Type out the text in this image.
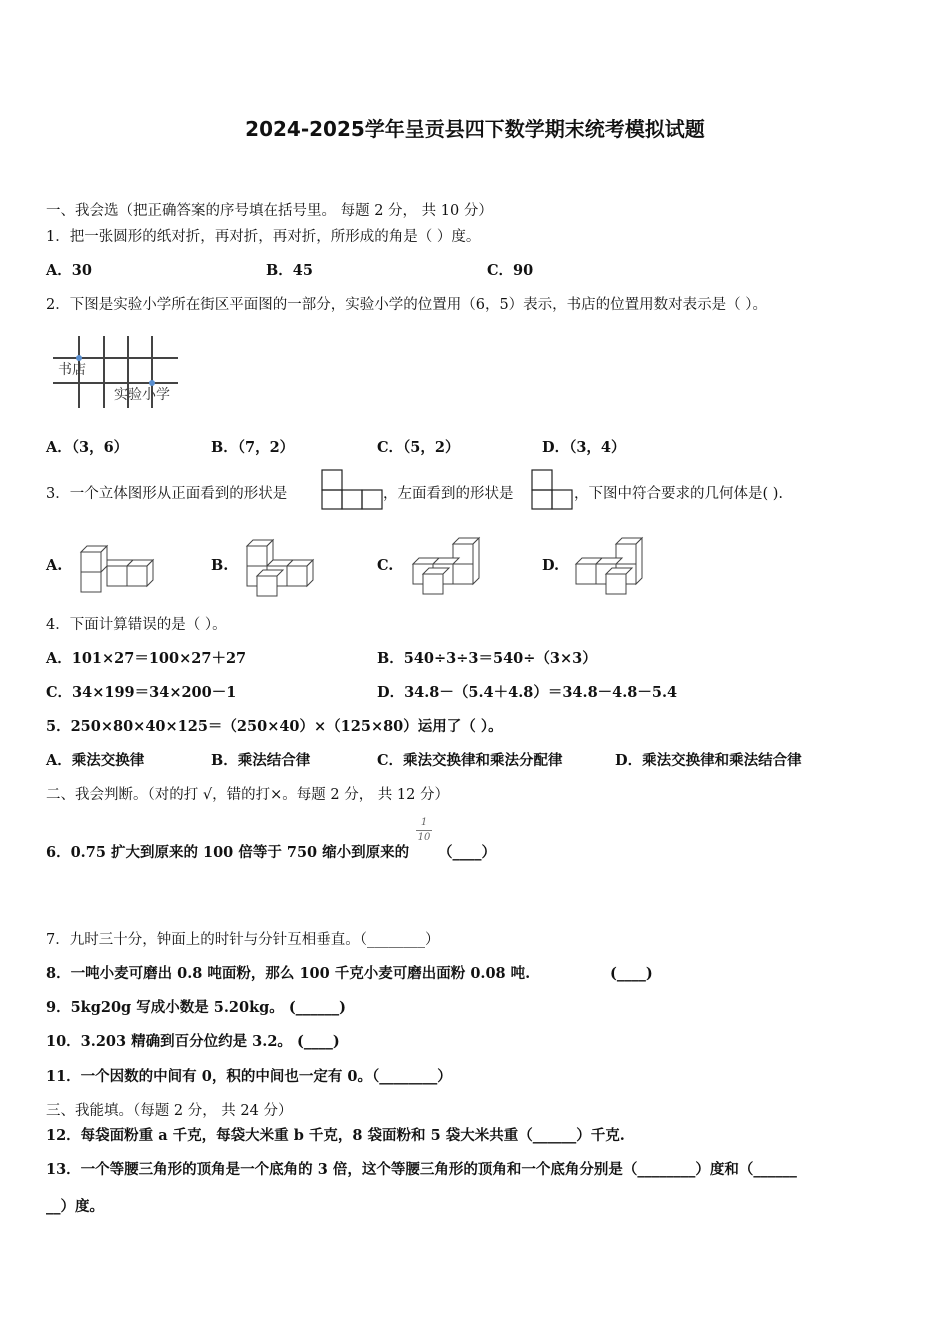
2024-2025学年呈贡县四下数学期末统考模拟试题
一、我会选（把正确答案的序号填在括号里。 每题 2 分， 共 10 分）
1．把一张圆形的纸对折，再对折，再对折，所形成的角是（ ）度。
A．30	B．45	C．90
2．下图是实验小学所在街区平面图的一部分，实验小学的位置用（6，5）表示，书店的位置用数对表示是（ ）。
书店
实验小学
A．（3，6）	B．（7，2）	C．（5，2）	D．（3，4）
3．一个立体图形从正面看到的形状是	，左面看到的形状是	，下图中符合要求的几何体是( ).
A.	B.	C.	D.
4．下面计算错误的是（ ）。
A．101×27＝100×27＋27	B．540÷3÷3＝540÷（3×3）
C．34×199＝34×200－1	D．34.8－（5.4＋4.8）＝34.8－4.8－5.4
5．250×80×40×125＝（250×40）×（125×80）运用了（ ）。
A．乘法交换律	B．乘法结合律	C．乘法交换律和乘法分配律	D．乘法交换律和乘法结合律
二、我会判断。（对的打 √，错的打×。每题 2 分， 共 12 分）
6．0.75 扩大到原来的 100 倍等于 750 缩小到原来的
1
10
（____）
7．九时三十分，钟面上的时针与分针互相垂直。（________）
8．一吨小麦可磨出 0.8 吨面粉，那么 100 千克小麦可磨出面粉 0.08 吨.	(____)
9．5kg20g 写成小数是 5.20kg。 (______)
10．3.203 精确到百分位约是 3.2。 (____)
11．一个因数的中间有 0，积的中间也一定有 0。（________）
三、我能填。（每题 2 分， 共 24 分）
12．每袋面粉重 a 千克，每袋大米重 b 千克，8 袋面粉和 5 袋大米共重（______）千克.
13．一个等腰三角形的顶角是一个底角的 3 倍，这个等腰三角形的顶角和一个底角分别是（________）度和（______
__）度。
